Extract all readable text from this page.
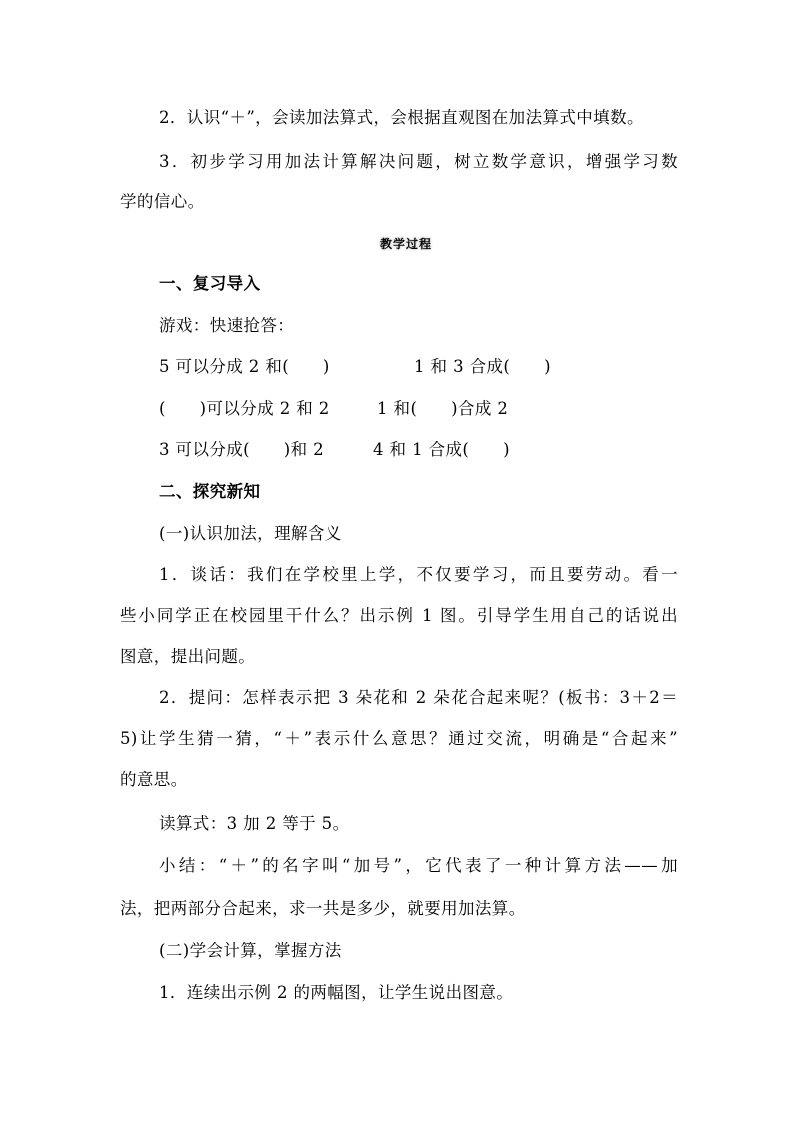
2．认识“＋”，会读加法算式，会根据直观图在加法算式中填数。
3．初步学习用加法计算解决问题，树立数学意识，增强学习数
学的信心。
教学过程
一、复习导入
游戏：快速抢答：
5 可以分成 2 和(　　)	1 和 3 合成(　　)
(　　)可以分成 2 和 2	1 和(　　)合成 2
3 可以分成(　　)和 2	4 和 1 合成(　　)
二、探究新知
(一)认识加法，理解含义
1．谈话：我们在学校里上学，不仅要学习，而且要劳动。看一
些小同学正在校园里干什么？出示例 1 图。引导学生用自己的话说出
图意，提出问题。
2．提问：怎样表示把 3 朵花和 2 朵花合起来呢？(板书：3＋2＝
5)让学生猜一猜，“＋”表示什么意思？通过交流，明确是“合起来”
的意思。
读算式：3 加 2 等于 5。
小结：“＋”的名字叫“加号”，它代表了一种计算方法——加
法，把两部分合起来，求一共是多少，就要用加法算。
(二)学会计算，掌握方法
1．连续出示例 2 的两幅图，让学生说出图意。
